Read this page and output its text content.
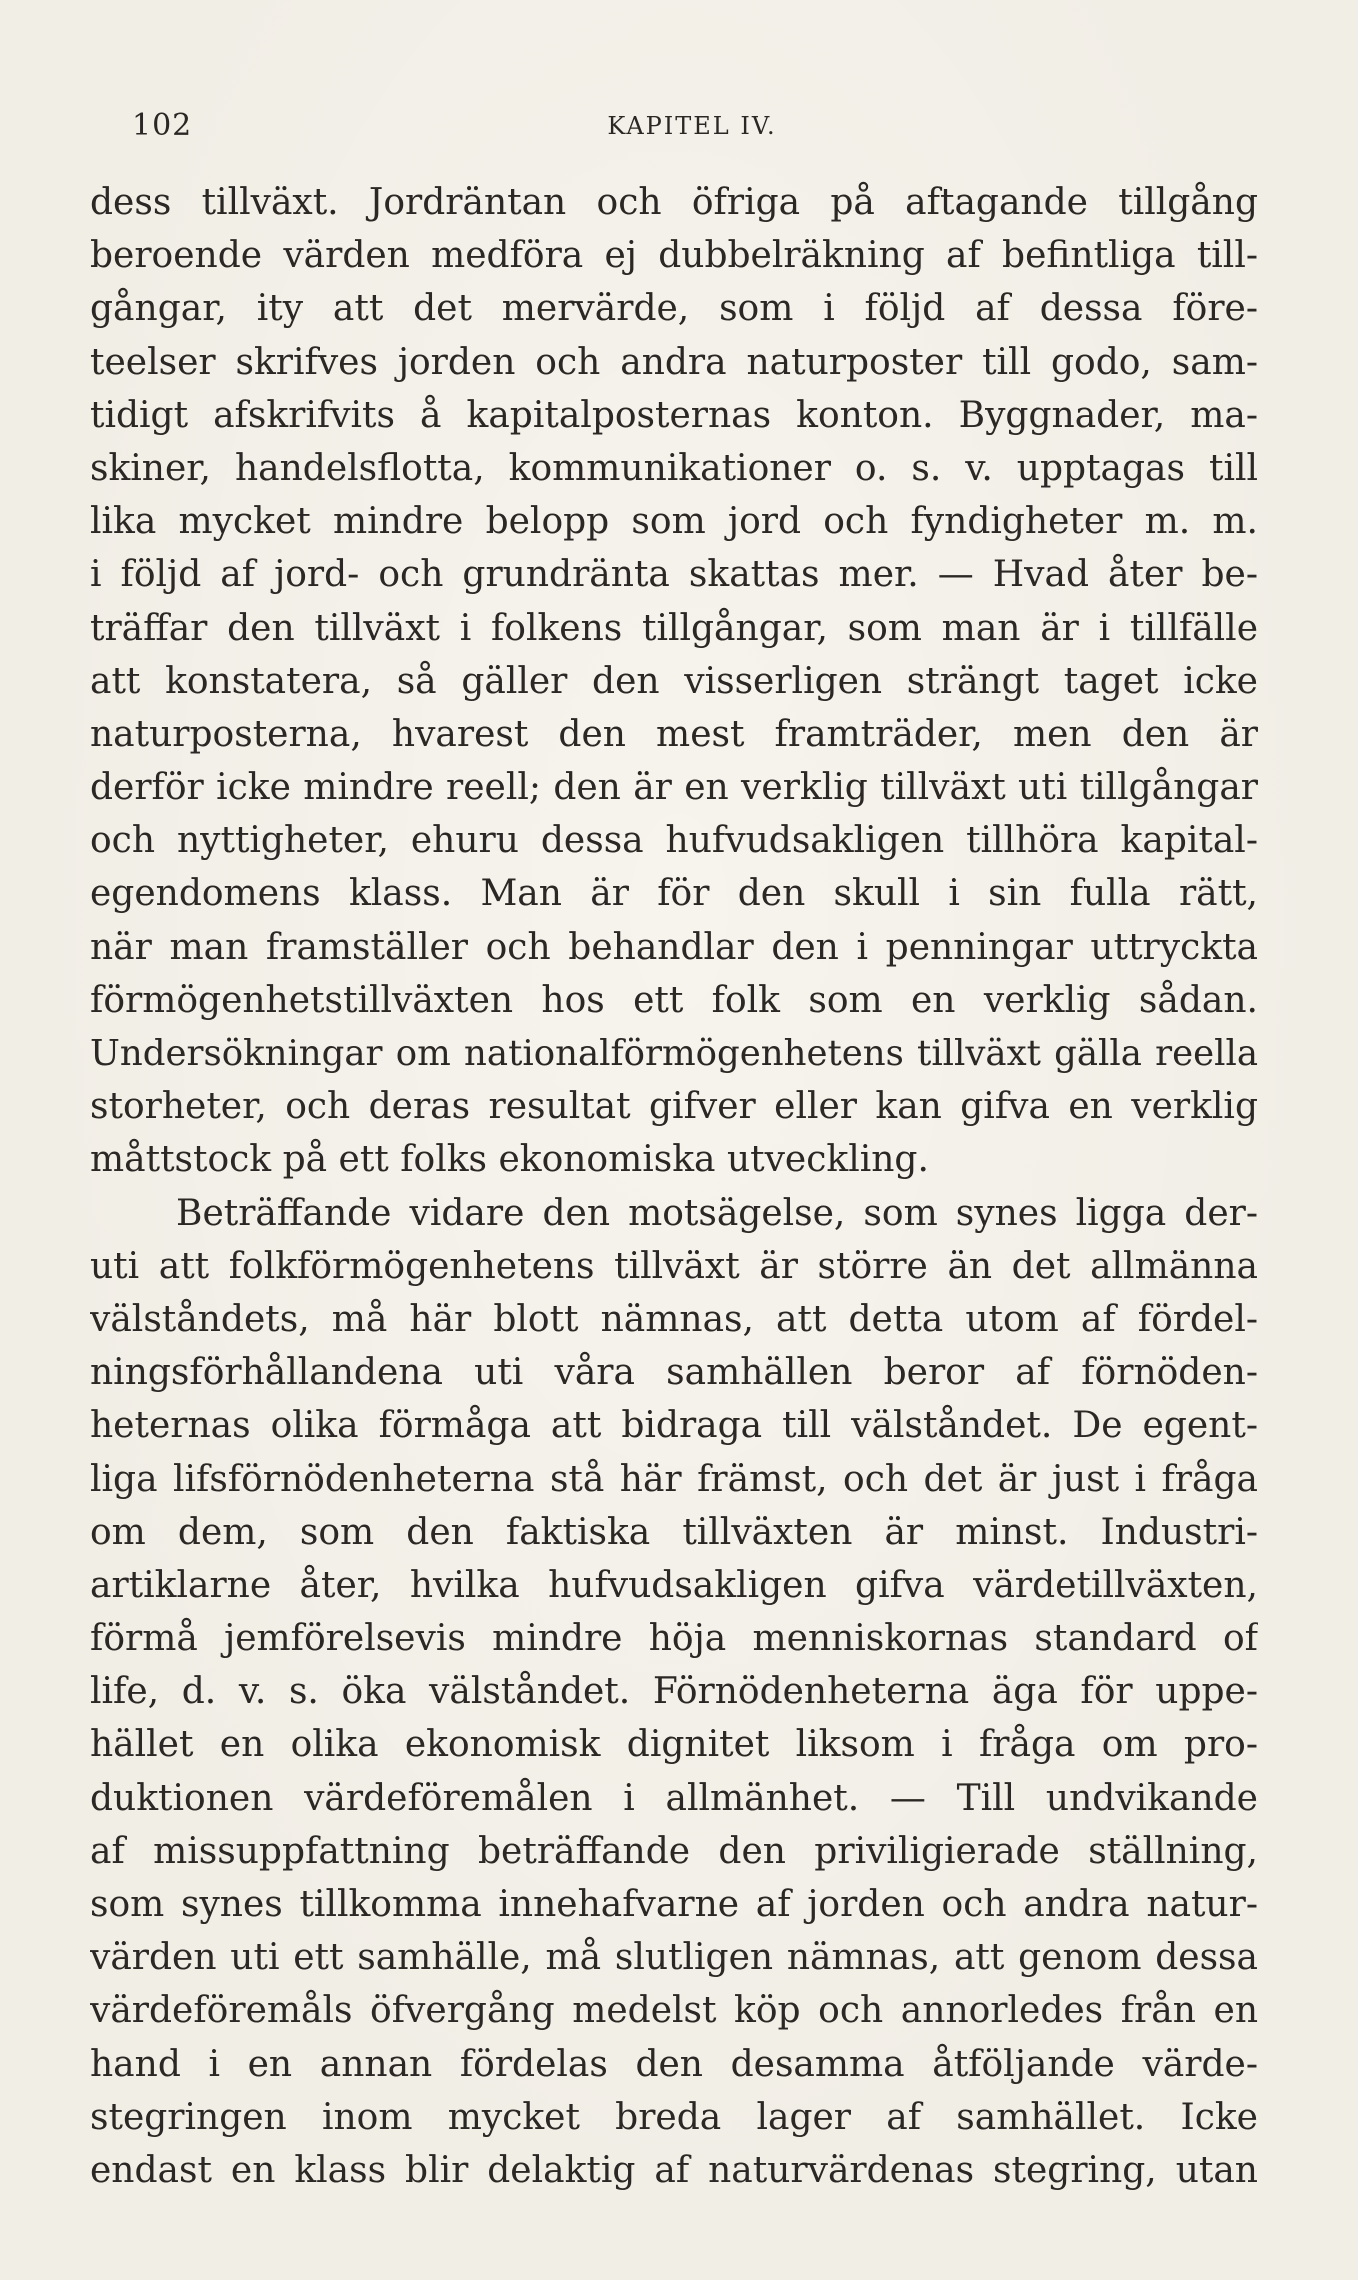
102	KAPITEL IV.
dess tillväxt. Jordräntan och öfriga på aftagande tillgång
beroende värden medföra ej dubbelräkning af befintliga till-
gångar, ity att det mervärde, som i följd af dessa före-
teelser skrifves jorden och andra naturposter till godo, sam-
tidigt afskrifvits å kapitalposternas konton. Byggnader, ma-
skiner, handelsflotta, kommunikationer o. s. v. upptagas till
lika mycket mindre belopp som jord och fyndigheter m. m.
i följd af jord- och grundränta skattas mer. — Hvad åter be-
träffar den tillväxt i folkens tillgångar, som man är i tillfälle
att konstatera, så gäller den visserligen strängt taget icke
naturposterna, hvarest den mest framträder, men den är
derför icke mindre reell; den är en verklig tillväxt uti tillgångar
och nyttigheter, ehuru dessa hufvudsakligen tillhöra kapital-
egendomens klass. Man är för den skull i sin fulla rätt,
när man framställer och behandlar den i penningar uttryckta
förmögenhetstillväxten hos ett folk som en verklig sådan.
Undersökningar om nationalförmögenhetens tillväxt gälla reella
storheter, och deras resultat gifver eller kan gifva en verklig
måttstock på ett folks ekonomiska utveckling.
Beträffande vidare den motsägelse, som synes ligga der-
uti att folkförmögenhetens tillväxt är större än det allmänna
välståndets, må här blott nämnas, att detta utom af fördel-
ningsförhållandena uti våra samhällen beror af förnöden-
heternas olika förmåga att bidraga till välståndet. De egent-
liga lifsförnödenheterna stå här främst, och det är just i fråga
om dem, som den faktiska tillväxten är minst. Industri-
artiklarne åter, hvilka hufvudsakligen gifva värdetillväxten,
förmå jemförelsevis mindre höja menniskornas standard of
life, d. v. s. öka välståndet. Förnödenheterna äga för uppe-
hället en olika ekonomisk dignitet liksom i fråga om pro-
duktionen värdeföremålen i allmänhet. — Till undvikande
af missuppfattning beträffande den priviligierade ställning,
som synes tillkomma innehafvarne af jorden och andra natur-
värden uti ett samhälle, må slutligen nämnas, att genom dessa
värdeföremåls öfvergång medelst köp och annorledes från en
hand i en annan fördelas den desamma åtföljande värde-
stegringen inom mycket breda lager af samhället. Icke
endast en klass blir delaktig af naturvärdenas stegring, utan
